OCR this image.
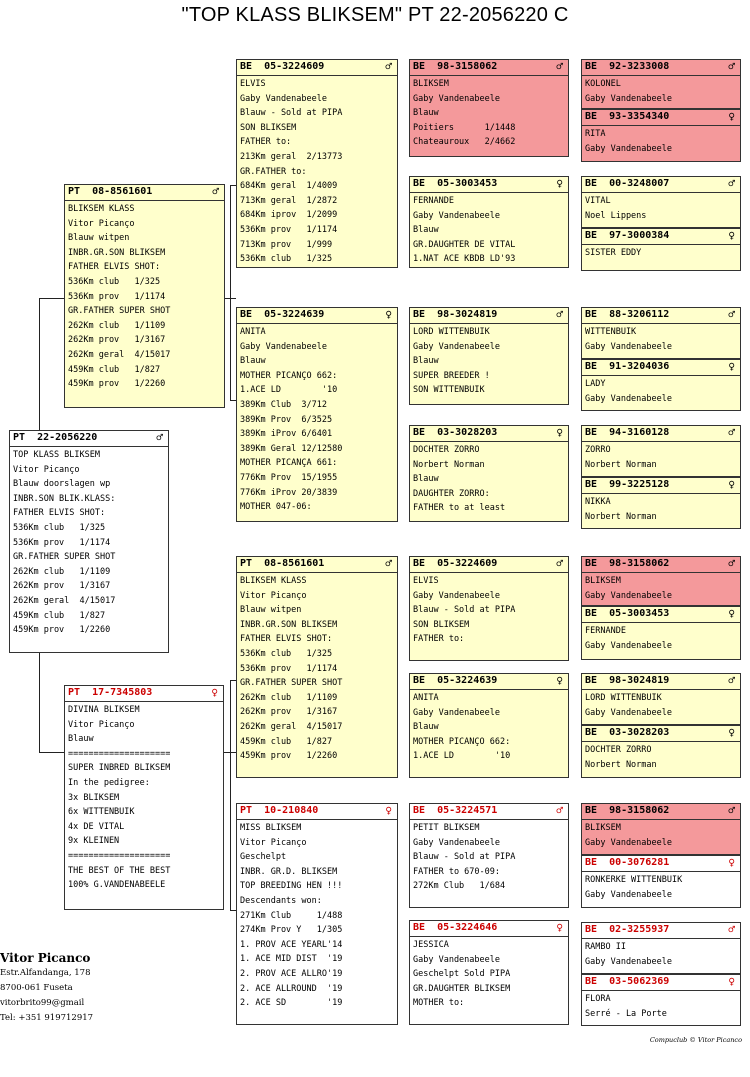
"TOP KLASS BLIKSEM" PT 22-2056220 C
PT 22-2056220	♂
TOP KLASS BLIKSEM
Vitor Picanço
Blauw doorslagen wp
INBR.SON BLIK.KLASS:
FATHER ELVIS SHOT:
536Km club   1/325
536Km prov   1/1174
GR.FATHER SUPER SHOT
262Km club   1/1109
262Km prov   1/3167
262Km geral  4/15017
459Km club   1/827
459Km prov   1/2260
PT 08-8561601	♂
BLIKSEM KLASS
Vitor Picanço
Blauw witpen
INBR.GR.SON BLIKSEM
FATHER ELVIS SHOT:
536Km club   1/325
536Km prov   1/1174
GR.FATHER SUPER SHOT
262Km club   1/1109
262Km prov   1/3167
262Km geral  4/15017
459Km club   1/827
459Km prov   1/2260
PT 17-7345803	♀
DIVINA BLIKSEM
Vitor Picanço
Blauw
====================
SUPER INBRED BLIKSEM
In the pedigree:
3x BLIKSEM
6x WITTENBUIK
4x DE VITAL
9x KLEINEN
====================
THE BEST OF THE BEST
100% G.VANDENABEELE
BE 05-3224609	♂
ELVIS
Gaby Vandenabeele
Blauw - Sold at PIPA
SON BLIKSEM
FATHER to:
213Km geral  2/13773
GR.FATHER to:
684Km geral  1/4009
713Km geral  1/2872
684Km iprov  1/2099
536Km prov   1/1174
713Km prov   1/999
536Km club   1/325
BE 05-3224639	♀
ANITA
Gaby Vandenabeele
Blauw
MOTHER PICANÇO 662:
1.ACE LD        '10
389Km Club  3/712
389Km Prov  6/3525
389Km iProv 6/6401
389Km Geral 12/12580
MOTHER PICANÇA 661:
776Km Prov  15/1955
776Km iProv 20/3839
MOTHER 047-06:
PT 08-8561601	♂
BLIKSEM KLASS
Vitor Picanço
Blauw witpen
INBR.GR.SON BLIKSEM
FATHER ELVIS SHOT:
536Km club   1/325
536Km prov   1/1174
GR.FATHER SUPER SHOT
262Km club   1/1109
262Km prov   1/3167
262Km geral  4/15017
459Km club   1/827
459Km prov   1/2260
PT 10-210840	♀
MISS BLIKSEM
Vitor Picanço
Geschelpt
INBR. GR.D. BLIKSEM
TOP BREEDING HEN !!!
Descendants won:
271Km Club     1/488
274Km Prov Y   1/305
1. PROV ACE YEARL'14
1. ACE MID DIST  '19
2. PROV ACE ALLRO'19
2. ACE ALLROUND  '19
2. ACE SD        '19
BE 98-3158062	♂
BLIKSEM
Gaby Vandenabeele
Blauw
Poitiers      1/1448
Chateauroux   2/4662
BE 05-3003453	♀
FERNANDE
Gaby Vandenabeele
Blauw
GR.DAUGHTER DE VITAL
1.NAT ACE KBDB LD'93
BE 98-3024819	♂
LORD WITTENBUIK
Gaby Vandenabeele
Blauw
SUPER BREEDER !
SON WITTENBUIK
BE 03-3028203	♀
DOCHTER ZORRO
Norbert Norman
Blauw
DAUGHTER ZORRO:
FATHER to at least
BE 05-3224609	♂
ELVIS
Gaby Vandenabeele
Blauw - Sold at PIPA
SON BLIKSEM
FATHER to:
BE 05-3224639	♀
ANITA
Gaby Vandenabeele
Blauw
MOTHER PICANÇO 662:
1.ACE LD        '10
BE 05-3224571	♂
PETIT BLIKSEM
Gaby Vandenabeele
Blauw - Sold at PIPA
FATHER to 670-09:
272Km Club   1/684
BE 05-3224646	♀
JESSICA
Gaby Vandenabeele
Geschelpt Sold PIPA
GR.DAUGHTER BLIKSEM
MOTHER to:
BE 92-3233008	♂
KOLONEL
Gaby Vandenabeele
BE 93-3354340	♀
RITA
Gaby Vandenabeele
BE 00-3248007	♂
VITAL
Noel Lippens
BE 97-3000384	♀
SISTER EDDY
BE 88-3206112	♂
WITTENBUIK
Gaby Vandenabeele
BE 91-3204036	♀
LADY
Gaby Vandenabeele
BE 94-3160128	♂
ZORRO
Norbert Norman
BE 99-3225128	♀
NIKKA
Norbert Norman
BE 98-3158062	♂
BLIKSEM
Gaby Vandenabeele
BE 05-3003453	♀
FERNANDE
Gaby Vandenabeele
BE 98-3024819	♂
LORD WITTENBUIK
Gaby Vandenabeele
BE 03-3028203	♀
DOCHTER ZORRO
Norbert Norman
BE 98-3158062	♂
BLIKSEM
Gaby Vandenabeele
BE 00-3076281	♀
RONKERKE WITTENBUIK
Gaby Vandenabeele
BE 02-3255937	♂
RAMBO II
Gaby Vandenabeele
BE 03-5062369	♀
FLORA
Serré - La Porte
Vitor Picanco
Estr.Alfandanga, 178
8700-061 Fuseta
vitorbrito99@gmail
Tel: +351 919712917
Compuclub © Vitor Picanco
